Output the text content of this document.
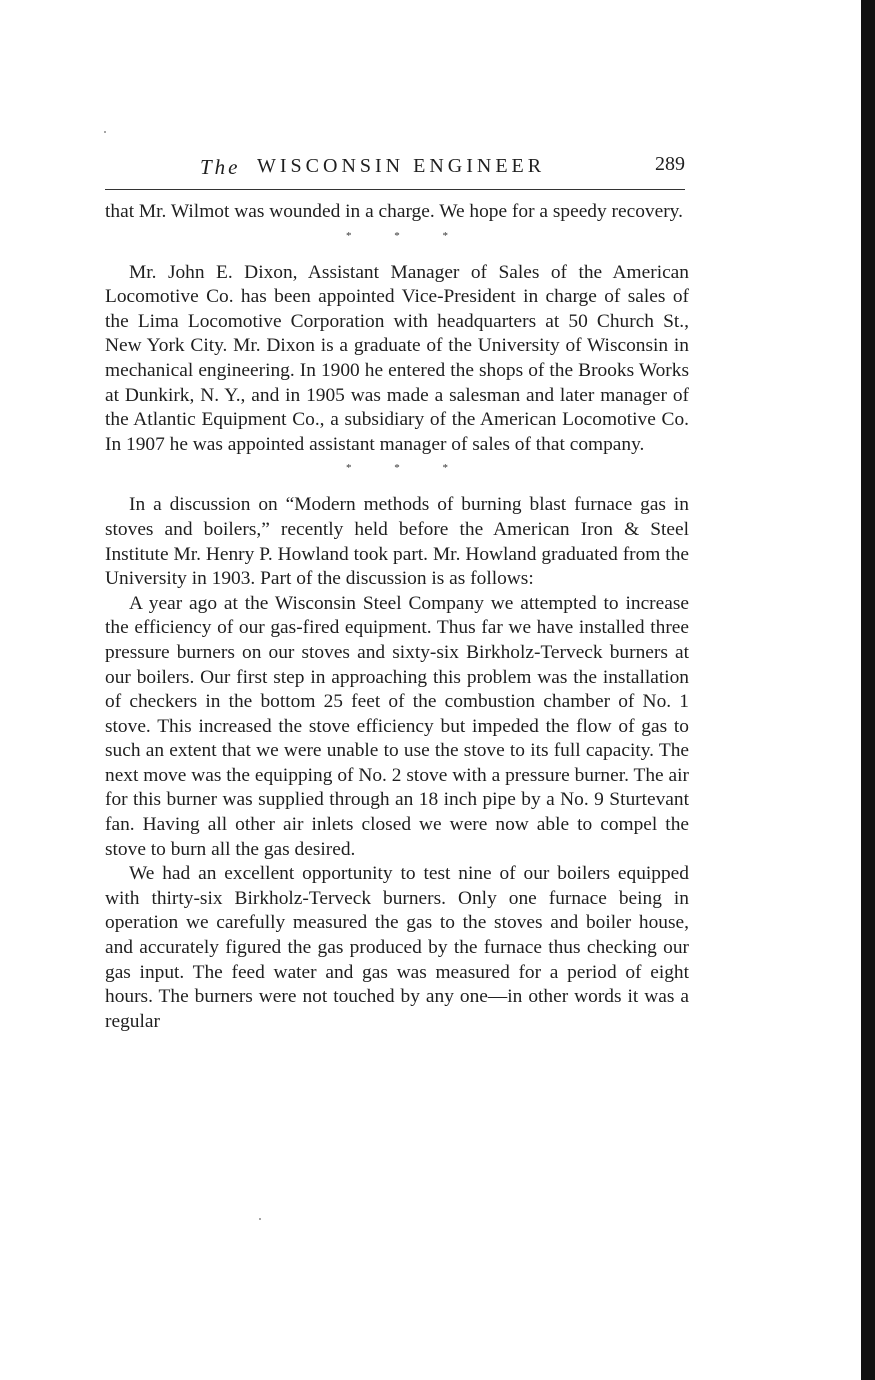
The WISCONSIN ENGINEER	289

that Mr. Wilmot was wounded in a charge. We hope for a speedy recovery.

* * *

Mr. John E. Dixon, Assistant Manager of Sales of the American Locomotive Co. has been appointed Vice-President in charge of sales of the Lima Locomotive Corporation with headquarters at 50 Church St., New York City. Mr. Dixon is a graduate of the University of Wisconsin in mechanical engineering. In 1900 he entered the shops of the Brooks Works at Dunkirk, N. Y., and in 1905 was made a salesman and later manager of the Atlantic Equipment Co., a subsidiary of the American Locomotive Co. In 1907 he was appointed assistant manager of sales of that company.

* * *

In a discussion on “Modern methods of burning blast furnace gas in stoves and boilers,” recently held before the American Iron & Steel Institute Mr. Henry P. Howland took part. Mr. Howland graduated from the University in 1903. Part of the discussion is as follows:

A year ago at the Wisconsin Steel Company we attempted to increase the efficiency of our gas-fired equipment. Thus far we have installed three pressure burners on our stoves and sixty-six Birkholz-Terveck burners at our boilers. Our first step in approaching this problem was the installation of checkers in the bottom 25 feet of the combustion chamber of No. 1 stove. This increased the stove efficiency but impeded the flow of gas to such an extent that we were unable to use the stove to its full capacity. The next move was the equipping of No. 2 stove with a pressure burner. The air for this burner was supplied through an 18 inch pipe by a No. 9 Sturtevant fan. Having all other air inlets closed we were now able to compel the stove to burn all the gas desired.

We had an excellent opportunity to test nine of our boilers equipped with thirty-six Birkholz-Terveck burners. Only one furnace being in operation we carefully measured the gas to the stoves and boiler house, and accurately figured the gas produced by the furnace thus checking our gas input. The feed water and gas was measured for a period of eight hours. The burners were not touched by any one—in other words it was a regular
